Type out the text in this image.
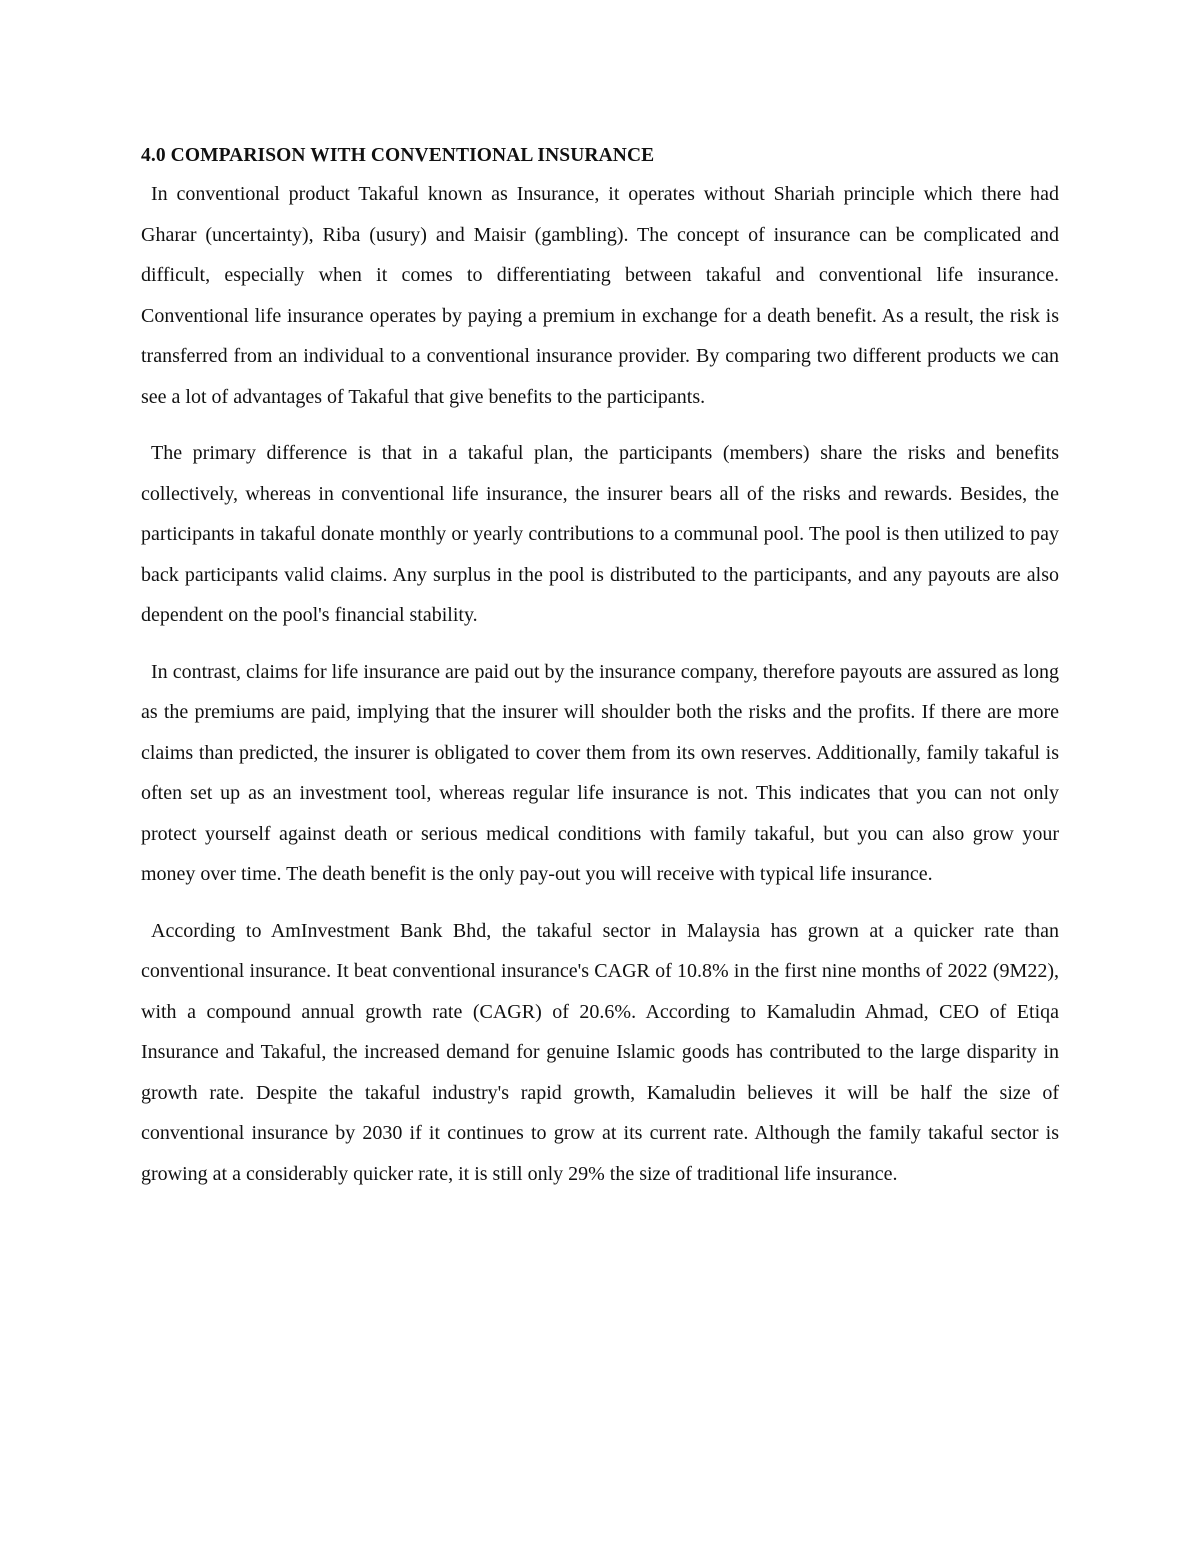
4.0 COMPARISON WITH CONVENTIONAL INSURANCE

In conventional product Takaful known as Insurance, it operates without Shariah principle which there had Gharar (uncertainty), Riba (usury) and Maisir (gambling). The concept of insurance can be complicated and difficult, especially when it comes to differentiating between takaful and conventional life insurance. Conventional life insurance operates by paying a premium in exchange for a death benefit. As a result, the risk is transferred from an individual to a conventional insurance provider. By comparing two different products we can see a lot of advantages of Takaful that give benefits to the participants.

The primary difference is that in a takaful plan, the participants (members) share the risks and benefits collectively, whereas in conventional life insurance, the insurer bears all of the risks and rewards. Besides, the participants in takaful donate monthly or yearly contributions to a communal pool. The pool is then utilized to pay back participants valid claims. Any surplus in the pool is distributed to the participants, and any payouts are also dependent on the pool's financial stability.

In contrast, claims for life insurance are paid out by the insurance company, therefore payouts are assured as long as the premiums are paid, implying that the insurer will shoulder both the risks and the profits. If there are more claims than predicted, the insurer is obligated to cover them from its own reserves. Additionally, family takaful is often set up as an investment tool, whereas regular life insurance is not. This indicates that you can not only protect yourself against death or serious medical conditions with family takaful, but you can also grow your money over time. The death benefit is the only pay-out you will receive with typical life insurance.

According to AmInvestment Bank Bhd, the takaful sector in Malaysia has grown at a quicker rate than conventional insurance. It beat conventional insurance's CAGR of 10.8% in the first nine months of 2022 (9M22), with a compound annual growth rate (CAGR) of 20.6%. According to Kamaludin Ahmad, CEO of Etiqa Insurance and Takaful, the increased demand for genuine Islamic goods has contributed to the large disparity in growth rate. Despite the takaful industry's rapid growth, Kamaludin believes it will be half the size of conventional insurance by 2030 if it continues to grow at its current rate. Although the family takaful sector is growing at a considerably quicker rate, it is still only 29% the size of traditional life insurance.
